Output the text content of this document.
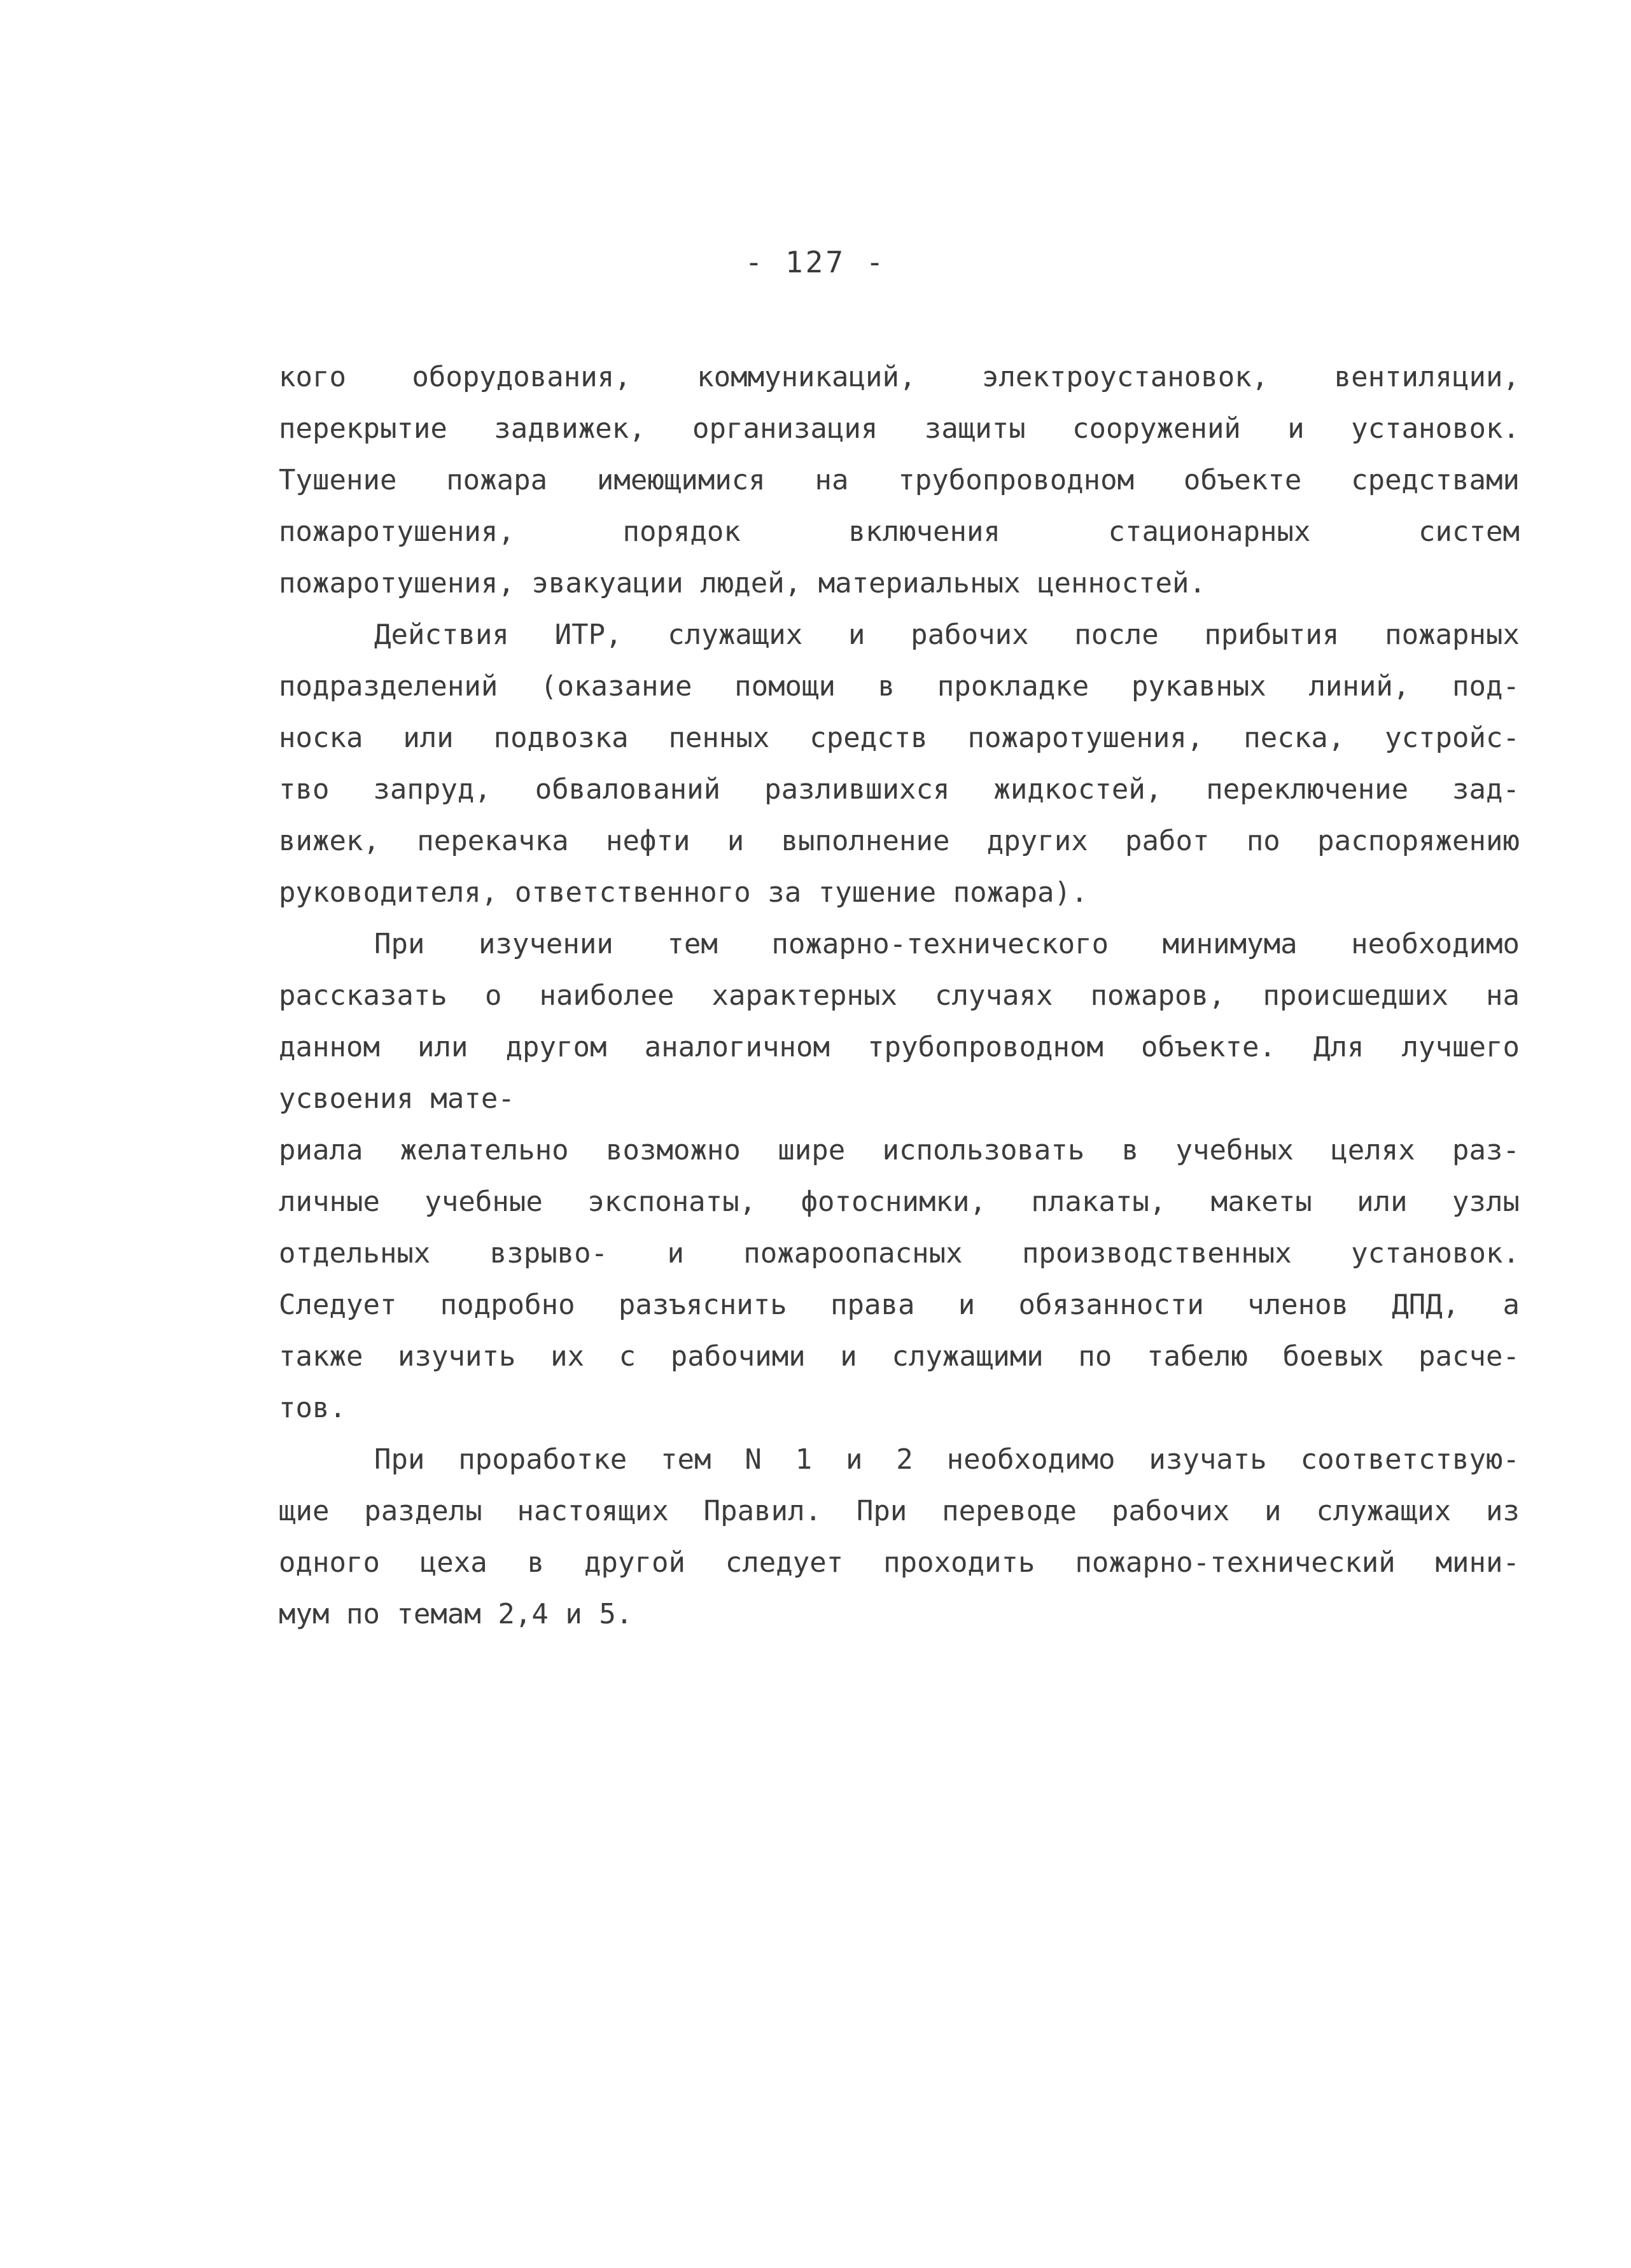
- 127 -
кого оборудования, коммуникаций, электроустановок, вентиляции,
перекрытие задвижек, организация защиты сооружений и установок.
Тушение пожара имеющимися на трубопроводном объекте средствами
пожаротушения, порядок включения стационарных систем
пожаротушения, эвакуации людей, материальных ценностей.
Действия ИТР, служащих и рабочих после прибытия пожарных
подразделений (оказание помощи в прокладке рукавных линий, под-
носка или подвозка пенных средств пожаротушения, песка, устройс-
тво запруд, обвалований разлившихся жидкостей, переключение зад-
вижек, перекачка нефти и выполнение других работ по распоряжению
руководителя, ответственного за тушение пожара).
При изучении тем пожарно-технического минимума необходимо
рассказать о наиболее характерных случаях пожаров, происшедших на
данном или другом аналогичном трубопроводном объекте. Для лучшего
усвоения мате-
риала желательно возможно шире использовать в учебных целях раз-
личные учебные экспонаты, фотоснимки, плакаты, макеты или узлы
отдельных взрыво- и пожароопасных производственных установок.
Следует подробно разъяснить права и обязанности членов ДПД, а
также изучить их с рабочими и служащими по табелю боевых расче-
тов.
При проработке тем N 1 и 2 необходимо изучать соответствую-
щие разделы настоящих Правил. При переводе рабочих и служащих из
одного цеха в другой следует проходить пожарно-технический мини-
мум по темам 2,4 и 5.
